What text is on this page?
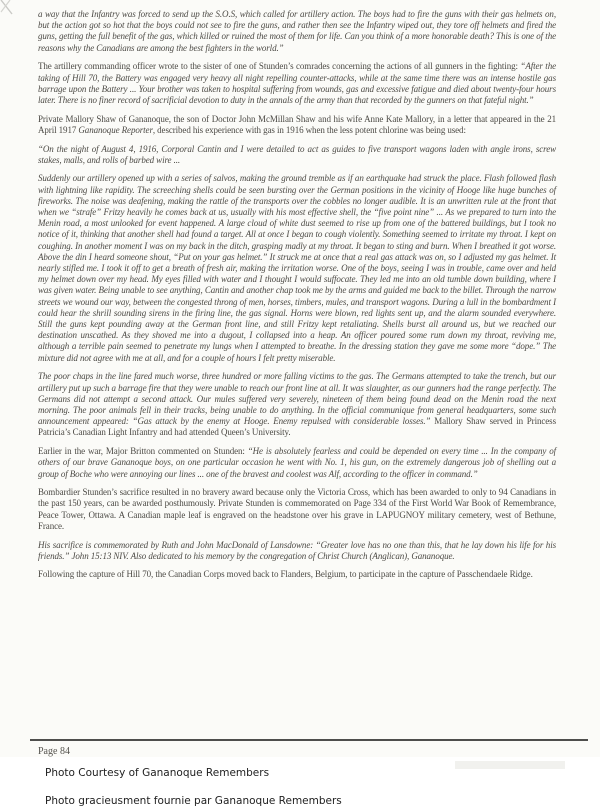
a way that the Infantry was forced to send up the S.O.S, which called for artillery action. The boys had to fire the guns with their gas helmets on, but the action got so hot that the boys could not see to fire the guns, and rather then see the Infantry wiped out, they tore off helmets and fired the guns, getting the full benefit of the gas, which killed or ruined the most of them for life. Can you think of a more honorable death? This is one of the reasons why the Canadians are among the best fighters in the world.”

The artillery commanding officer wrote to the sister of one of Stunden’s comrades concerning the actions of all gunners in the fighting: “After the taking of Hill 70, the Battery was engaged very heavy all night repelling counter-attacks, while at the same time there was an intense hostile gas barrage upon the Battery ... Your brother was taken to hospital suffering from wounds, gas and excessive fatigue and died about twenty-four hours later. There is no finer record of sacrificial devotion to duty in the annals of the army than that recorded by the gunners on that fateful night.”

Private Mallory Shaw of Gananoque, the son of Doctor John McMillan Shaw and his wife Anne Kate Mallory, in a letter that appeared in the 21 April 1917 Gananoque Reporter, described his experience with gas in 1916 when the less potent chlorine was being used:

“On the night of August 4, 1916, Corporal Cantin and I were detailed to act as guides to five transport wagons laden with angle irons, screw stakes, malls, and rolls of barbed wire ...

Suddenly our artillery opened up with a series of salvos, making the ground tremble as if an earthquake had struck the place. Flash followed flash with lightning like rapidity. The screeching shells could be seen bursting over the German positions in the vicinity of Hooge like huge bunches of fireworks. The noise was deafening, making the rattle of the transports over the cobbles no longer audible. It is an unwritten rule at the front that when we “strafe” Fritzy heavily he comes back at us, usually with his most effective shell, the “five point nine” ... As we prepared to turn into the Menin road, a most unlooked for event happened. A large cloud of white dust seemed to rise up from one of the battered buildings, but I took no notice of it, thinking that another shell had found a target. All at once I began to cough violently. Something seemed to irritate my throat. I kept on coughing. In another moment I was on my back in the ditch, grasping madly at my throat. It began to sting and burn. When I breathed it got worse. Above the din I heard someone shout, “Put on your gas helmet.” It struck me at once that a real gas attack was on, so I adjusted my gas helmet. It nearly stifled me. I took it off to get a breath of fresh air, making the irritation worse. One of the boys, seeing I was in trouble, came over and held my helmet down over my head. My eyes filled with water and I thought I would suffocate. They led me into an old tumble down building, where I was given water. Being unable to see anything, Cantin and another chap took me by the arms and guided me back to the billet. Through the narrow streets we wound our way, between the congested throng of men, horses, timbers, mules, and transport wagons. During a lull in the bombardment I could hear the shrill sounding sirens in the firing line, the gas signal. Horns were blown, red lights sent up, and the alarm sounded everywhere. Still the guns kept pounding away at the German front line, and still Fritzy kept retaliating. Shells burst all around us, but we reached our destination unscathed. As they shoved me into a dugout, I collapsed into a heap. An officer poured some rum down my throat, reviving me, although a terrible pain seemed to penetrate my lungs when I attempted to breathe. In the dressing station they gave me some more “dope.” The mixture did not agree with me at all, and for a couple of hours I felt pretty miserable.

The poor chaps in the line fared much worse, three hundred or more falling victims to the gas. The Germans attempted to take the trench, but our artillery put up such a barrage fire that they were unable to reach our front line at all. It was slaughter, as our gunners had the range perfectly. The Germans did not attempt a second attack. Our mules suffered very severely, nineteen of them being found dead on the Menin road the next morning. The poor animals fell in their tracks, being unable to do anything. In the official communique from general headquarters, some such announcement appeared: “Gas attack by the enemy at Hooge. Enemy repulsed with considerable losses.” Mallory Shaw served in Princess Patricia’s Canadian Light Infantry and had attended Queen’s University.

Earlier in the war, Major Britton commented on Stunden: “He is absolutely fearless and could be depended on every time ... In the company of others of our brave Gananoque boys, on one particular occasion he went with No. 1, his gun, on the extremely dangerous job of shelling out a group of Boche who were annoying our lines ... one of the bravest and coolest was Alf, according to the officer in command.”

Bombardier Stunden’s sacrifice resulted in no bravery award because only the Victoria Cross, which has been awarded to only to 94 Canadians in the past 150 years, can be awarded posthumously. Private Stunden is commemorated on Page 334 of the First World War Book of Remembrance, Peace Tower, Ottawa. A Canadian maple leaf is engraved on the headstone over his grave in LAPUGNOY military cemetery, west of Bethune, France.

His sacrifice is commemorated by Ruth and John MacDonald of Lansdowne: “Greater love has no one than this, that he lay down his life for his friends.” John 15:13 NIV. Also dedicated to his memory by the congregation of Christ Church (Anglican), Gananoque.

Following the capture of Hill 70, the Canadian Corps moved back to Flanders, Belgium, to participate in the capture of Passchendaele Ridge.

Page 84

Photo Courtesy of Gananoque Remembers

Photo gracieusment fournie par Gananoque Remembers
